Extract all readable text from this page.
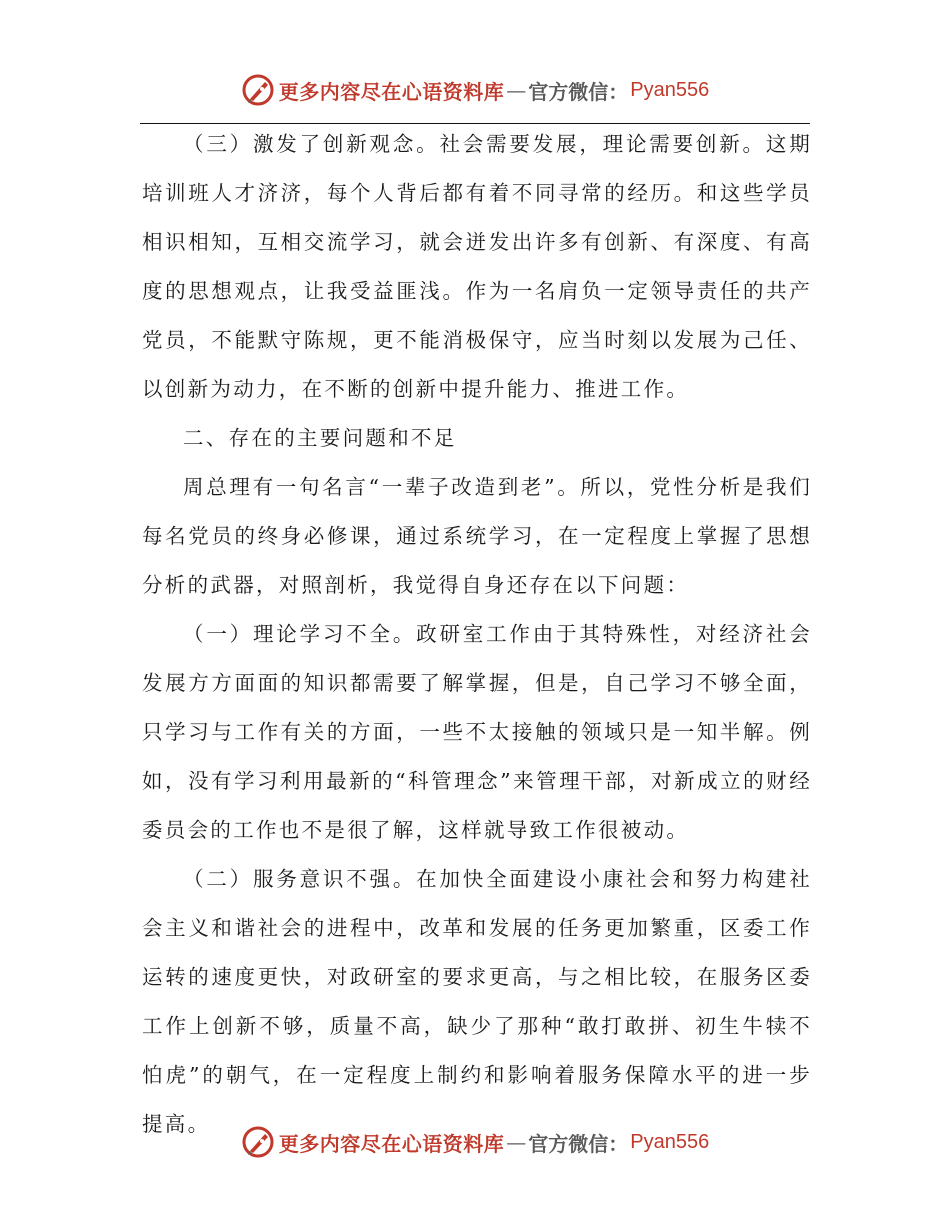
更多内容尽在心语资料库 — 官方微信： Pyan556

（三）激发了创新观念。社会需要发展，理论需要创新。这期培训班人才济济，每个人背后都有着不同寻常的经历。和这些学员相识相知，互相交流学习，就会迸发出许多有创新、有深度、有高度的思想观点，让我受益匪浅。作为一名肩负一定领导责任的共产党员，不能默守陈规，更不能消极保守，应当时刻以发展为己任、以创新为动力，在不断的创新中提升能力、推进工作。

二、存在的主要问题和不足

周总理有一句名言“一辈子改造到老”。所以，党性分析是我们每名党员的终身必修课，通过系统学习，在一定程度上掌握了思想分析的武器，对照剖析，我觉得自身还存在以下问题：

（一）理论学习不全。政研室工作由于其特殊性，对经济社会发展方方面面的知识都需要了解掌握，但是，自己学习不够全面，只学习与工作有关的方面，一些不太接触的领域只是一知半解。例如，没有学习利用最新的“科管理念”来管理干部，对新成立的财经委员会的工作也不是很了解，这样就导致工作很被动。

（二）服务意识不强。在加快全面建设小康社会和努力构建社会主义和谐社会的进程中，改革和发展的任务更加繁重，区委工作运转的速度更快，对政研室的要求更高，与之相比较，在服务区委工作上创新不够，质量不高，缺少了那种“敢打敢拼、初生牛犊不怕虎”的朝气，在一定程度上制约和影响着服务保障水平的进一步提高。

更多内容尽在心语资料库 — 官方微信： Pyan556
